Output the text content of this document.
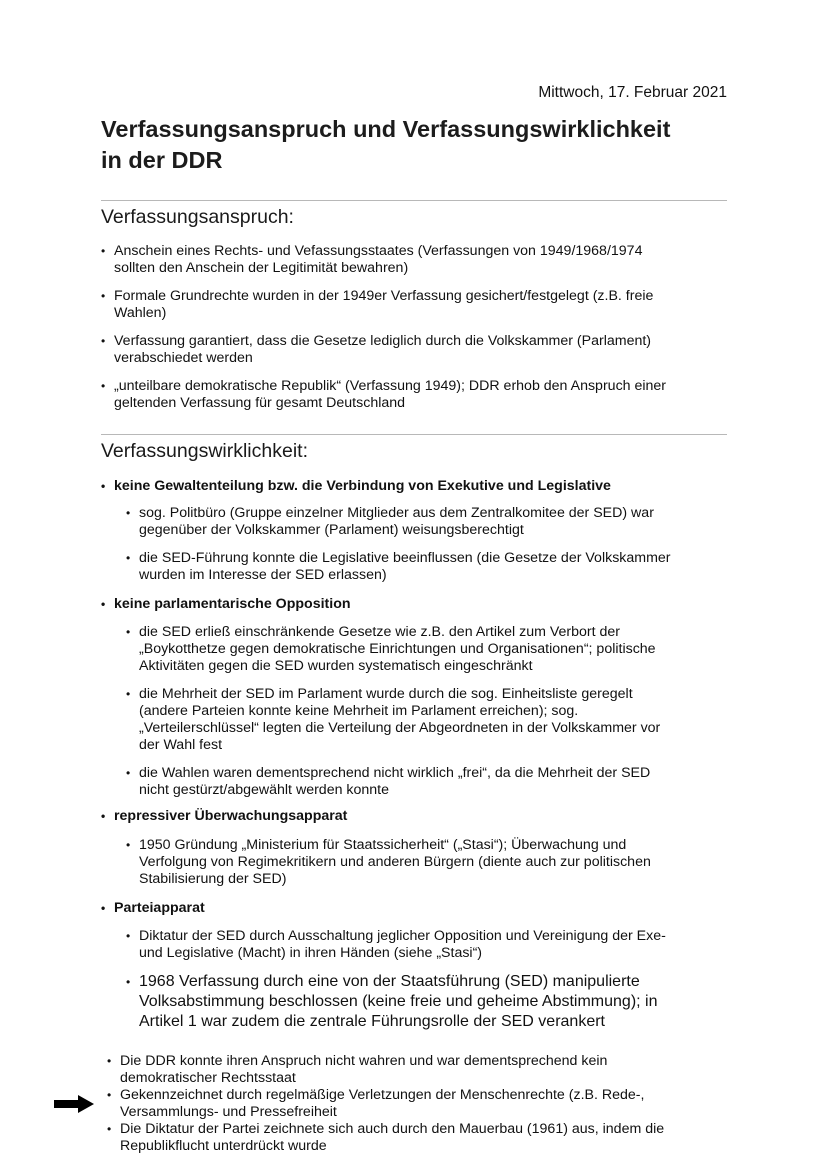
Mittwoch, 17. Februar 2021
Verfassungsanspruch und Verfassungswirklichkeit
in der DDR
Verfassungsanspruch:
• Anschein eines Rechts- und Vefassungsstaates (Verfassungen von 1949/1968/1974
sollten den Anschein der Legitimität bewahren)
• Formale Grundrechte wurden in der 1949er Verfassung gesichert/festgelegt (z.B. freie
Wahlen)
• Verfassung garantiert, dass die Gesetze lediglich durch die Volkskammer (Parlament)
verabschiedet werden
• „unteilbare demokratische Republik“ (Verfassung 1949); DDR erhob den Anspruch einer
geltenden Verfassung für gesamt Deutschland
Verfassungswirklichkeit:
• keine Gewaltenteilung bzw. die Verbindung von Exekutive und Legislative
• sog. Politbüro (Gruppe einzelner Mitglieder aus dem Zentralkomitee der SED) war
gegenüber der Volkskammer (Parlament) weisungsberechtigt
• die SED-Führung konnte die Legislative beeinflussen (die Gesetze der Volkskammer
wurden im Interesse der SED erlassen)
• keine parlamentarische Opposition
• die SED erließ einschränkende Gesetze wie z.B. den Artikel zum Verbort der
„Boykotthetze gegen demokratische Einrichtungen und Organisationen“; politische
Aktivitäten gegen die SED wurden systematisch eingeschränkt
• die Mehrheit der SED im Parlament wurde durch die sog. Einheitsliste geregelt
(andere Parteien konnte keine Mehrheit im Parlament erreichen); sog.
„Verteilerschlüssel“ legten die Verteilung der Abgeordneten in der Volkskammer vor
der Wahl fest
• die Wahlen waren dementsprechend nicht wirklich „frei“, da die Mehrheit der SED
nicht gestürzt/abgewählt werden konnte
• repressiver Überwachungsapparat
• 1950 Gründung „Ministerium für Staatssicherheit“ („Stasi“); Überwachung und
Verfolgung von Regimekritikern und anderen Bürgern (diente auch zur politischen
Stabilisierung der SED)
• Parteiapparat
• Diktatur der SED durch Ausschaltung jeglicher Opposition und Vereinigung der Exe-
und Legislative (Macht) in ihren Händen (siehe „Stasi“)
• 1968 Verfassung durch eine von der Staatsführung (SED) manipulierte
Volksabstimmung beschlossen (keine freie und geheime Abstimmung); in
Artikel 1 war zudem die zentrale Führungsrolle der SED verankert
• Die DDR konnte ihren Anspruch nicht wahren und war dementsprechend kein
demokratischer Rechtsstaat
• Gekennzeichnet durch regelmäßige Verletzungen der Menschenrechte (z.B. Rede-,
Versammlungs- und Pressefreiheit
• Die Diktatur der Partei zeichnete sich auch durch den Mauerbau (1961) aus, indem die
Republikflucht unterdrückt wurde
